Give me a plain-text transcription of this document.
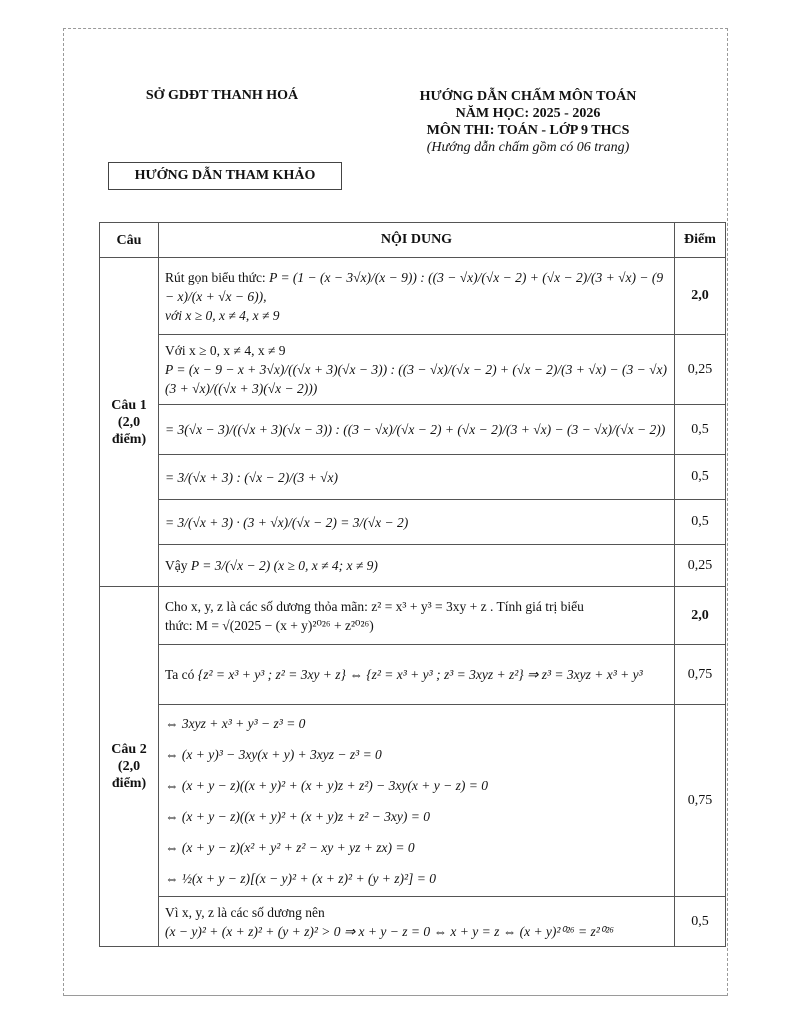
SỞ GDĐT THANH HOÁ	HƯỚNG DẪN CHẤM MÔN TOÁN
NĂM HỌC: 2025 - 2026
MÔN THI: TOÁN - LỚP 9 THCS
(Hướng dẫn chấm gồm có 06 trang)
HƯỚNG DẪN THAM KHẢO
Câu	NỘI DUNG	Điểm

Câu 1
(2,0
điểm)	Rút gọn biểu thức: P = (1 − (x − 3√x)/(x − 9)) : ((3 − √x)/(√x − 2) + (√x − 2)/(3 + √x) − (9 − x)/(x + √x − 6)),
với x ≥ 0, x ≠ 4, x ≠ 9	2,0

	Với x ≥ 0, x ≠ 4, x ≠ 9
P = (x − 9 − x + 3√x)/((√x + 3)(√x − 3)) : ((3 − √x)/(√x − 2) + (√x − 2)/(3 + √x) − (3 − √x)(3 + √x)/((√x + 3)(√x − 2)))	0,25
	= 3(√x − 3)/((√x + 3)(√x − 3)) : ((3 − √x)/(√x − 2) + (√x − 2)/(3 + √x) − (3 − √x)/(√x − 2))	0,5
	= 3/(√x + 3) : (√x − 2)/(3 + √x)	0,5
	= 3/(√x + 3) · (3 + √x)/(√x − 2) = 3/(√x − 2)	0,5
	Vậy P = 3/(√x − 2) (x ≥ 0, x ≠ 4; x ≠ 9)	0,25

Câu 2
(2,0
điểm)	Cho x, y, z là các số dương thỏa mãn: z² = x³ + y³ = 3xy + z . Tính giá trị biểu
thức: M = √(2025 − (x + y)²⁰²⁶ + z²⁰²⁶)	2,0
	Ta có {z² = x³ + y³ ; z² = 3xy + z} ⇔ {z² = x³ + y³ ; z³ = 3xyz + z²} ⇒ z³ = 3xyz + x³ + y³	0,75

⇔ 3xyz + x³ + y³ − z³ = 0
⇔ (x + y)³ − 3xy(x + y) + 3xyz − z³ = 0
⇔ (x + y − z)((x + y)² + (x + y)z + z²) − 3xy(x + y − z) = 0
⇔ (x + y − z)((x + y)² + (x + y)z + z² − 3xy) = 0
⇔ (x + y − z)(x² + y² + z² − xy + yz + zx) = 0
⇔ ½(x + y − z)[(x − y)² + (x + z)² + (y + z)²] = 0
	0,75

	Vì x, y, z là các số dương nên
(x − y)² + (x + z)² + (y + z)² > 0 ⇒ x + y − z = 0 ⇔ x + y = z ⇔ (x + y)²⁰²⁶ = z²⁰²⁶	0,5
